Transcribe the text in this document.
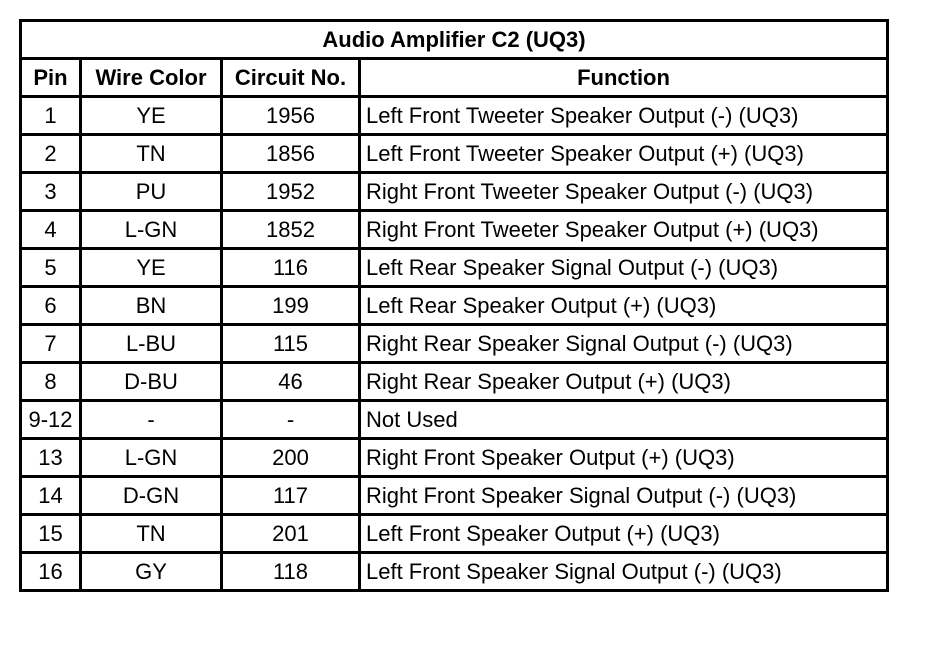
Audio Amplifier C2 (UQ3)			
Pin	Wire Color	Circuit No.	Function
1	YE	1956	Left Front Tweeter Speaker Output (-) (UQ3)
2	TN	1856	Left Front Tweeter Speaker Output (+) (UQ3)
3	PU	1952	Right Front Tweeter Speaker Output (-) (UQ3)
4	L-GN	1852	Right Front Tweeter Speaker Output (+) (UQ3)
5	YE	116	Left Rear Speaker Signal Output (-) (UQ3)
6	BN	199	Left Rear Speaker Output (+) (UQ3)
7	L-BU	115	Right Rear Speaker Signal Output (-) (UQ3)
8	D-BU	46	Right Rear Speaker Output (+) (UQ3)
9-12	-	-	Not Used
13	L-GN	200	Right Front Speaker Output (+) (UQ3)
14	D-GN	117	Right Front Speaker Signal Output (-) (UQ3)
15	TN	201	Left Front Speaker Output (+) (UQ3)
16	GY	118	Left Front Speaker Signal Output (-) (UQ3)
